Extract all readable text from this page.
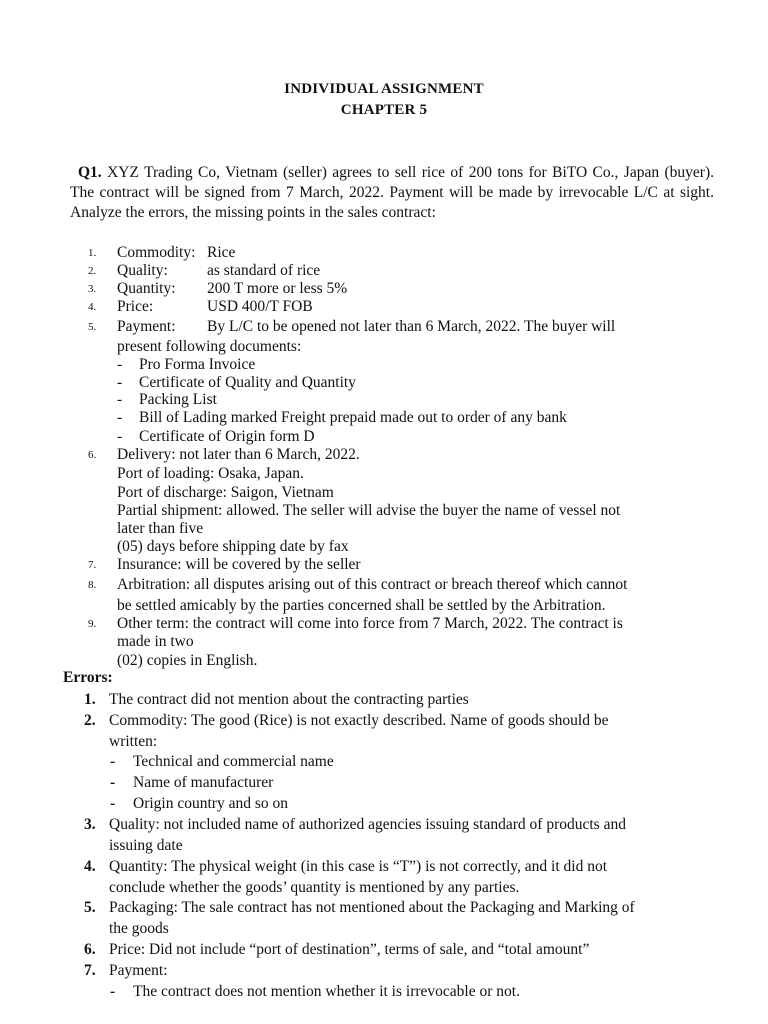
INDIVIDUAL ASSIGNMENT
CHAPTER 5
Q1. XYZ Trading Co, Vietnam (seller) agrees to sell rice of 200 tons for BiTO Co., Japan (buyer). The contract will be signed from 7 March, 2022. Payment will be made by irrevocable L/C at sight. Analyze the errors, the missing points in the sales contract:
1. Commodity: Rice
2. Quality:	as standard of rice
3. Quantity: 200 T more or less 5%
4. Price:	USD 400/T FOB
5. Payment: By L/C to be opened not later than 6 March, 2022. The buyer will
present following documents:
- Pro Forma Invoice
- Certificate of Quality and Quantity
- Packing List
- Bill of Lading marked Freight prepaid made out to order of any bank
- Certificate of Origin form D
6. Delivery: not later than 6 March, 2022.
Port of loading: Osaka, Japan.
Port of discharge: Saigon, Vietnam
Partial shipment: allowed. The seller will advise the buyer the name of vessel not
later than five
(05) days before shipping date by fax
7. Insurance: will be covered by the seller
8. Arbitration: all disputes arising out of this contract or breach thereof which cannot
be settled amicably by the parties concerned shall be settled by the Arbitration.
9. Other term: the contract will come into force from 7 March, 2022. The contract is
made in two
(02) copies in English.
Errors:
1. The contract did not mention about the contracting parties
2. Commodity: The good (Rice) is not exactly described. Name of goods should be
written:
- Technical and commercial name
- Name of manufacturer
- Origin country and so on
3. Quality: not included name of authorized agencies issuing standard of products and
issuing date
4. Quantity: The physical weight (in this case is “T”) is not correctly, and it did not
conclude whether the goods’ quantity is mentioned by any parties.
5. Packaging: The sale contract has not mentioned about the Packaging and Marking of
the goods
6. Price: Did not include “port of destination”, terms of sale, and “total amount”
7. Payment:
- The contract does not mention whether it is irrevocable or not.
